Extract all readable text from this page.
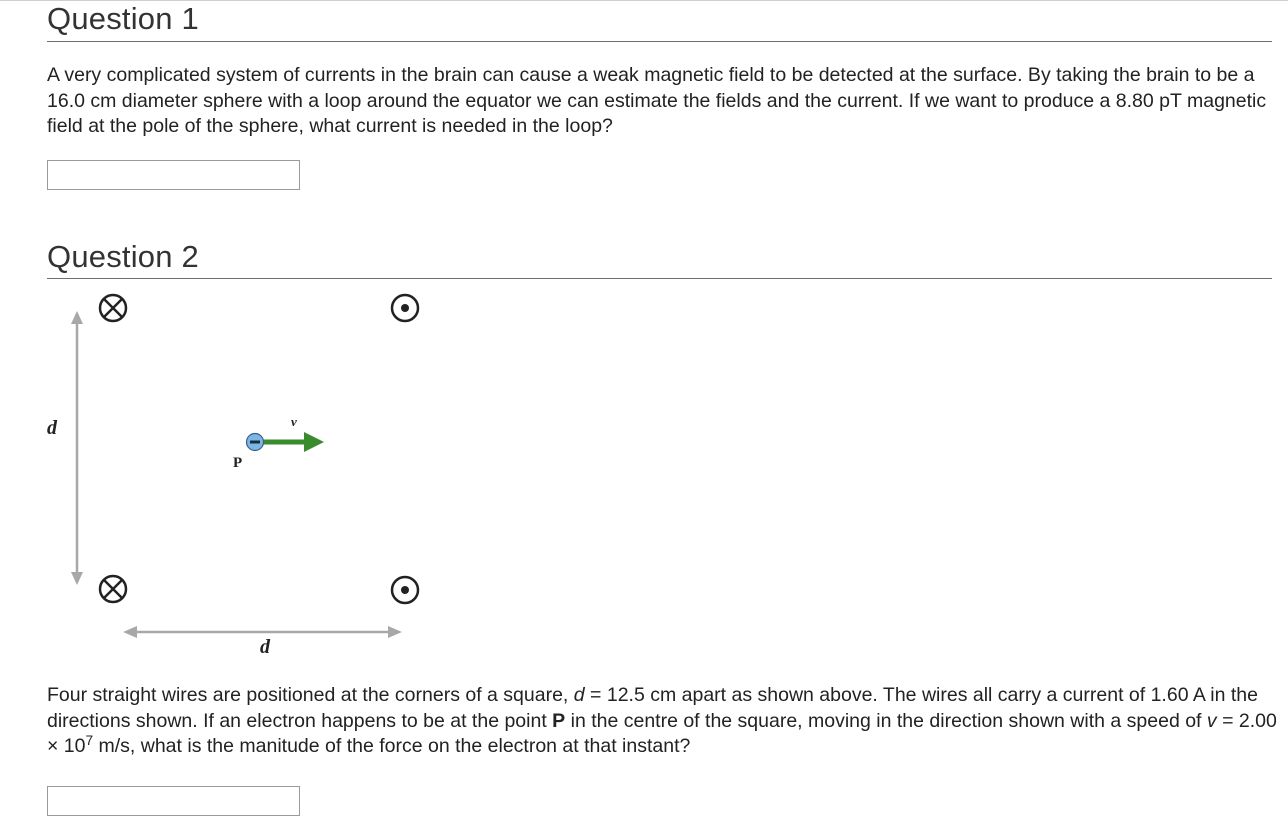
Question 1
A very complicated system of currents in the brain can cause a weak magnetic field to be detected at the surface. By taking the brain to be a 16.0 cm diameter sphere with a loop around the equator we can estimate the fields and the current. If we want to produce a 8.80 pT magnetic field at the pole of the sphere, what current is needed in the loop?
Question 2
d
d
v
P
Four straight wires are positioned at the corners of a square, d = 12.5 cm apart as shown above. The wires all carry a current of 1.60 A in the directions shown. If an electron happens to be at the point P in the centre of the square, moving in the direction shown with a speed of $v = 2.00 \times 10^7$ m/s, what is the manitude of the force on the electron at that instant?
